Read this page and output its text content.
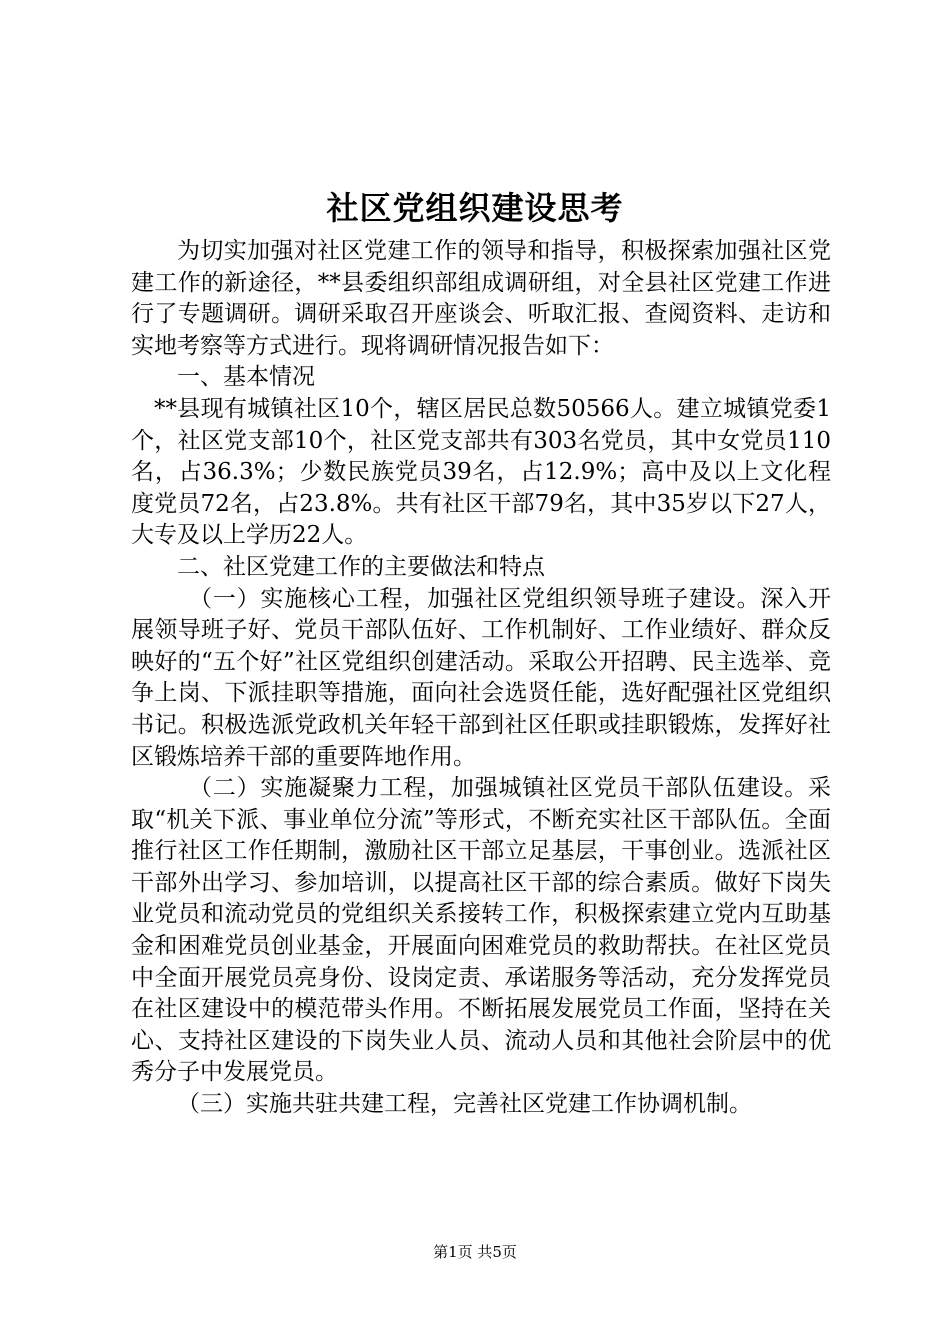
社区党组织建设思考

为切实加强对社区党建工作的领导和指导，积极探索加强社区党建工作的新途径，**县委组织部组成调研组，对全县社区党建工作进行了专题调研。调研采取召开座谈会、听取汇报、查阅资料、走访和实地考察等方式进行。现将调研情况报告如下：

一、基本情况

**县现有城镇社区10个，辖区居民总数50566人。建立城镇党委1个，社区党支部10个，社区党支部共有303名党员，其中女党员110名，占36.3%；少数民族党员39名，占12.9%；高中及以上文化程度党员72名，占23.8%。共有社区干部79名，其中35岁以下27人，大专及以上学历22人。

二、社区党建工作的主要做法和特点

（一）实施核心工程，加强社区党组织领导班子建设。深入开展领导班子好、党员干部队伍好、工作机制好、工作业绩好、群众反映好的“五个好”社区党组织创建活动。采取公开招聘、民主选举、竞争上岗、下派挂职等措施，面向社会选贤任能，选好配强社区党组织书记。积极选派党政机关年轻干部到社区任职或挂职锻炼，发挥好社区锻炼培养干部的重要阵地作用。

（二）实施凝聚力工程，加强城镇社区党员干部队伍建设。采取“机关下派、事业单位分流”等形式，不断充实社区干部队伍。全面推行社区工作任期制，激励社区干部立足基层，干事创业。选派社区干部外出学习、参加培训，以提高社区干部的综合素质。做好下岗失业党员和流动党员的党组织关系接转工作，积极探索建立党内互助基金和困难党员创业基金，开展面向困难党员的救助帮扶。在社区党员中全面开展党员亮身份、设岗定责、承诺服务等活动，充分发挥党员在社区建设中的模范带头作用。不断拓展发展党员工作面，坚持在关心、支持社区建设的下岗失业人员、流动人员和其他社会阶层中的优秀分子中发展党员。

（三）实施共驻共建工程，完善社区党建工作协调机制。

第1页 共5页
